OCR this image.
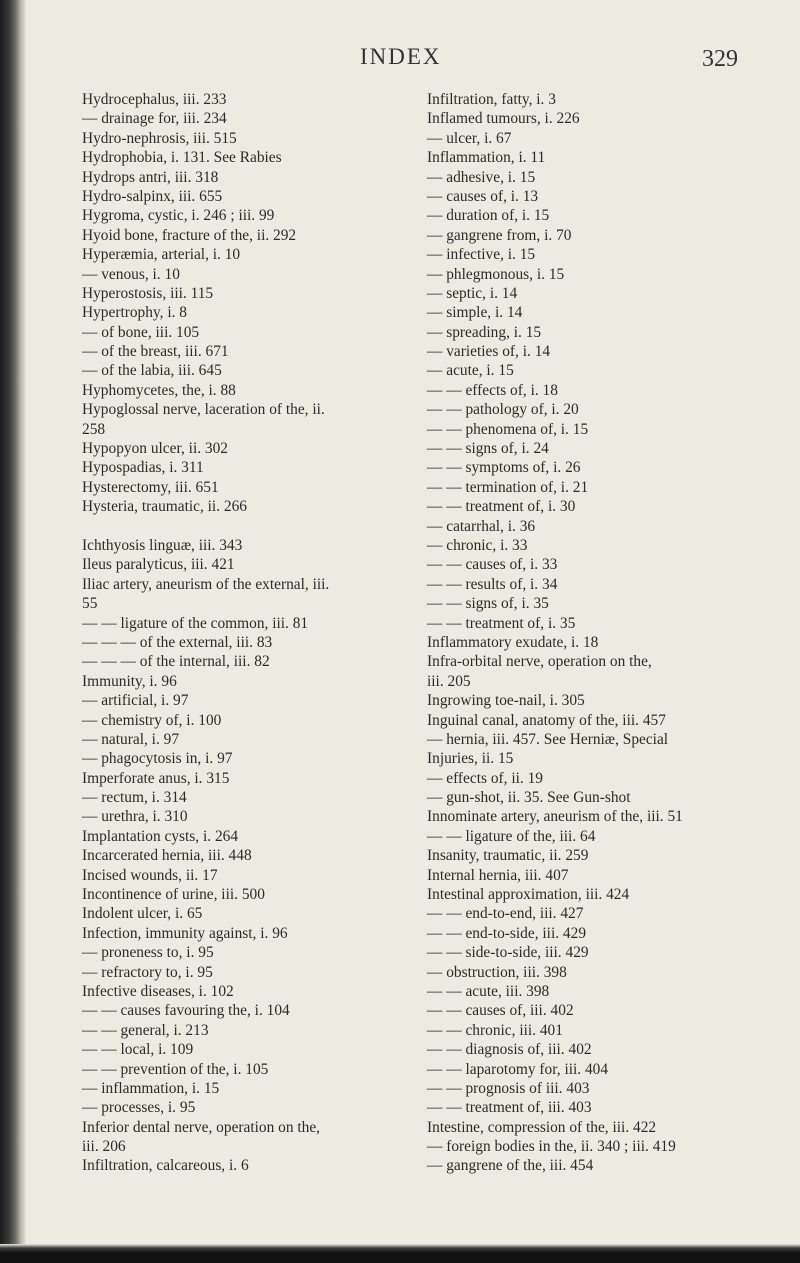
INDEX	329
Hydrocephalus, iii. 233
— drainage for, iii. 234
Hydro-nephrosis, iii. 515
Hydrophobia, i. 131. See Rabies
Hydrops antri, iii. 318
Hydro-salpinx, iii. 655
Hygroma, cystic, i. 246 ; iii. 99
Hyoid bone, fracture of the, ii. 292
Hyperæmia, arterial, i. 10
— venous, i. 10
Hyperostosis, iii. 115
Hypertrophy, i. 8
— of bone, iii. 105
— of the breast, iii. 671
— of the labia, iii. 645
Hyphomycetes, the, i. 88
Hypoglossal nerve, laceration of the, ii.
258
Hypopyon ulcer, ii. 302
Hypospadias, i. 311
Hysterectomy, iii. 651
Hysteria, traumatic, ii. 266
Ichthyosis linguæ, iii. 343
Ileus paralyticus, iii. 421
Iliac artery, aneurism of the external, iii.
55
— — ligature of the common, iii. 81
— — — of the external, iii. 83
— — — of the internal, iii. 82
Immunity, i. 96
— artificial, i. 97
— chemistry of, i. 100
— natural, i. 97
— phagocytosis in, i. 97
Imperforate anus, i. 315
— rectum, i. 314
— urethra, i. 310
Implantation cysts, i. 264
Incarcerated hernia, iii. 448
Incised wounds, ii. 17
Incontinence of urine, iii. 500
Indolent ulcer, i. 65
Infection, immunity against, i. 96
— proneness to, i. 95
— refractory to, i. 95
Infective diseases, i. 102
— — causes favouring the, i. 104
— — general, i. 213
— — local, i. 109
— — prevention of the, i. 105
— inflammation, i. 15
— processes, i. 95
Inferior dental nerve, operation on the,
iii. 206
Infiltration, calcareous, i. 6
Infiltration, fatty, i. 3
Inflamed tumours, i. 226
— ulcer, i. 67
Inflammation, i. 11
— adhesive, i. 15
— causes of, i. 13
— duration of, i. 15
— gangrene from, i. 70
— infective, i. 15
— phlegmonous, i. 15
— septic, i. 14
— simple, i. 14
— spreading, i. 15
— varieties of, i. 14
— acute, i. 15
— — effects of, i. 18
— — pathology of, i. 20
— — phenomena of, i. 15
— — signs of, i. 24
— — symptoms of, i. 26
— — termination of, i. 21
— — treatment of, i. 30
— catarrhal, i. 36
— chronic, i. 33
— — causes of, i. 33
— — results of, i. 34
— — signs of, i. 35
— — treatment of, i. 35
Inflammatory exudate, i. 18
Infra-orbital nerve, operation on the,
iii. 205
Ingrowing toe-nail, i. 305
Inguinal canal, anatomy of the, iii. 457
— hernia, iii. 457. See Herniæ, Special
Injuries, ii. 15
— effects of, ii. 19
— gun-shot, ii. 35. See Gun-shot
Innominate artery, aneurism of the, iii. 51
— — ligature of the, iii. 64
Insanity, traumatic, ii. 259
Internal hernia, iii. 407
Intestinal approximation, iii. 424
— — end-to-end, iii. 427
— — end-to-side, iii. 429
— — side-to-side, iii. 429
— obstruction, iii. 398
— — acute, iii. 398
— — causes of, iii. 402
— — chronic, iii. 401
— — diagnosis of, iii. 402
— — laparotomy for, iii. 404
— — prognosis of iii. 403
— — treatment of, iii. 403
Intestine, compression of the, iii. 422
— foreign bodies in the, ii. 340 ; iii. 419
— gangrene of the, iii. 454
